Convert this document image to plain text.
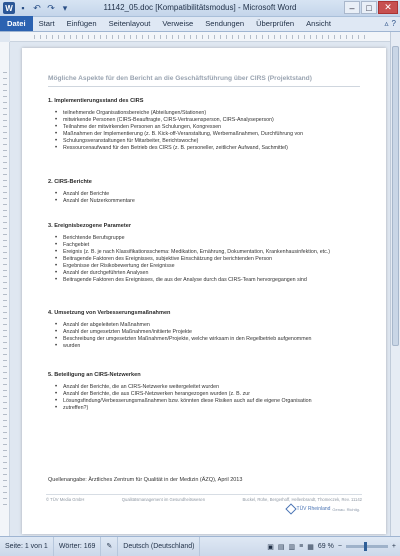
W ▪ ↶ ↷ ▾	11142_05.doc [Kompatibilitätsmodus] - Microsoft Word	–	□	✕
Datei	Start	Einfügen	Seitenlayout	Verweise	Sendungen	Überprüfen	Ansicht	▵ ?
Mögliche Aspekte für den Bericht an die Geschäftsführung über CIRS (Projektstand)
1. Implementierungsstand des CIRS
• teilnehmende Organisationsbereiche (Abteilungen/Stationen)
• mitwirkende Personen (CIRS-Beauftragte, CIRS-Vertrauensperson, CIRS-Analyseperson)
• Teilnahme der mitwirkenden Personen an Schulungen, Kongressen
• Maßnahmen der Implementierung (z. B. Kick-off-Veranstaltung, Werbemaßnahmen, Durchführung von
• Schulungsveranstaltungen für Mitarbeiter, Berichtswoche)
• Ressourcenaufwand für den Betrieb des CIRS (z. B. personeller, zeitlicher Aufwand, Sachmittel)
2. CIRS-Berichte
• Anzahl der Berichte
• Anzahl der Nutzerkommentare
3. Ereignisbezogene Parameter
• Berichtende Berufsgruppe
• Fachgebiet
• Ereignis (z. B. je nach Klassifikationsschema: Medikation, Ernährung, Dokumentation, Krankenhausinfektion, etc.)
• Beitragende Faktoren des Ereignisses, subjektive Einschätzung der berichtenden Person
• Ergebnisse der Risikobewertung der Ereignisse
• Anzahl der durchgeführten Analysen
• Beitragende Faktoren des Ereignisses, die aus der Analyse durch das CIRS-Team hervorgegangen sind
4. Umsetzung von Verbesserungsmaßnahmen
• Anzahl der abgeleiteten Maßnahmen
• Anzahl der umgesetzten Maßnahmen/initiierte Projekte
• Beschreibung der umgesetzten Maßnahmen/Projekte, welche wirksam in den Regelbetrieb aufgenommen
• wurden
5. Beteiligung an CIRS-Netzwerken
• Anzahl der Berichte, die an CIRS-Netzwerke weitergeleitet wurden
• Anzahl der Berichte, die aus CIRS-Netzwerken herangezogen wurden (z. B. zur
• Lösungsfindung/Verbesserungsmaßnahmen bzw. könnten diese Risiken auch auf die eigene Organisation
• zutreffen?)
Quellenangabe: Ärztliches Zentrum für Qualität in der Medizin (ÄZQ), April 2013
© TÜV Media GmbH	Qualitätsmanagement im Gesundheitswesen	Buckel, Rühe, Bergerhoff, Hellenbrandt, Thomeczek, Rev. 11142
TÜV Rheinland Genau. Richtig.
Seite: 1 von 1	Wörter: 169	✎	Deutsch (Deutschland)	▣ ▤ ▥ ≡ ▦ 69 % −	+
